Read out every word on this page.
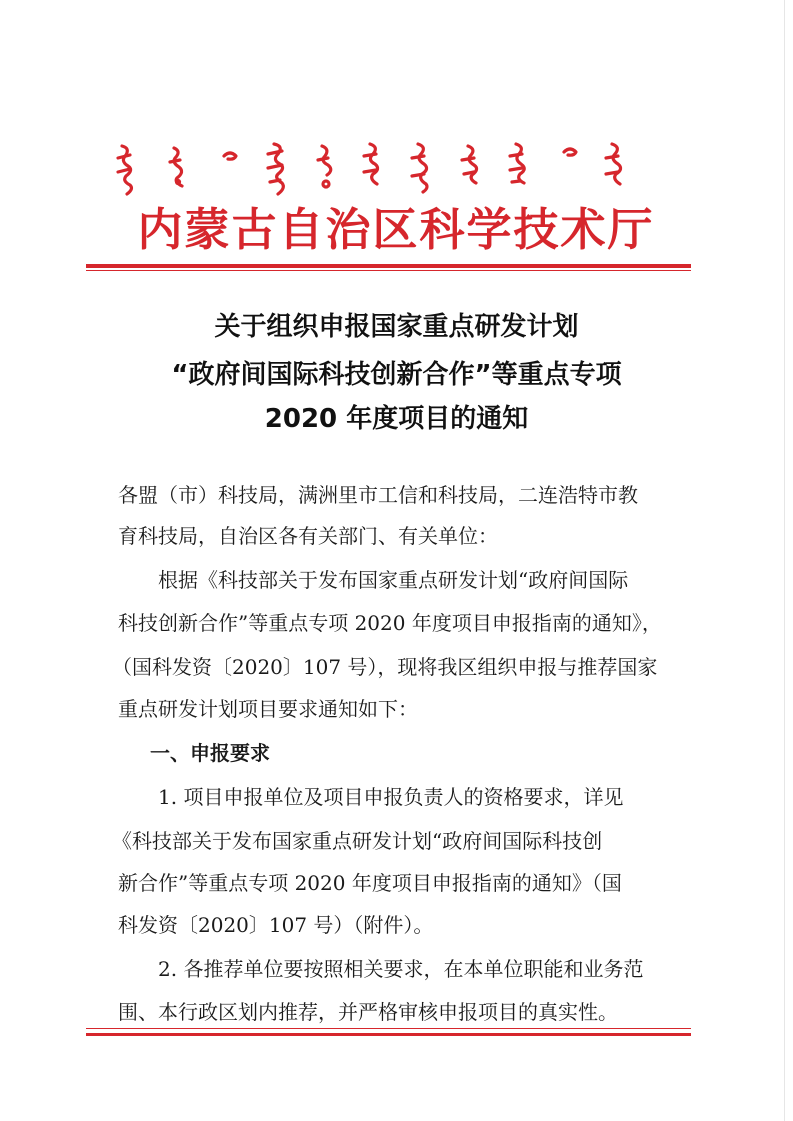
内蒙古自治区科学技术厅
关于组织申报国家重点研发计划
“政府间国际科技创新合作”等重点专项
2020 年度项目的通知
各盟（市）科技局，满洲里市工信和科技局，二连浩特市教
育科技局，自治区各有关部门、有关单位：
根据《科技部关于发布国家重点研发计划“政府间国际
科技创新合作”等重点专项 2020 年度项目申报指南的通知》，
（国科发资〔2020〕107 号），现将我区组织申报与推荐国家
重点研发计划项目要求通知如下：
一、申报要求
1. 项目申报单位及项目申报负责人的资格要求，详见
《科技部关于发布国家重点研发计划“政府间国际科技创
新合作”等重点专项 2020 年度项目申报指南的通知》（国
科发资〔2020〕107 号）（附件）。
2. 各推荐单位要按照相关要求，在本单位职能和业务范
围、本行政区划内推荐，并严格审核申报项目的真实性。
